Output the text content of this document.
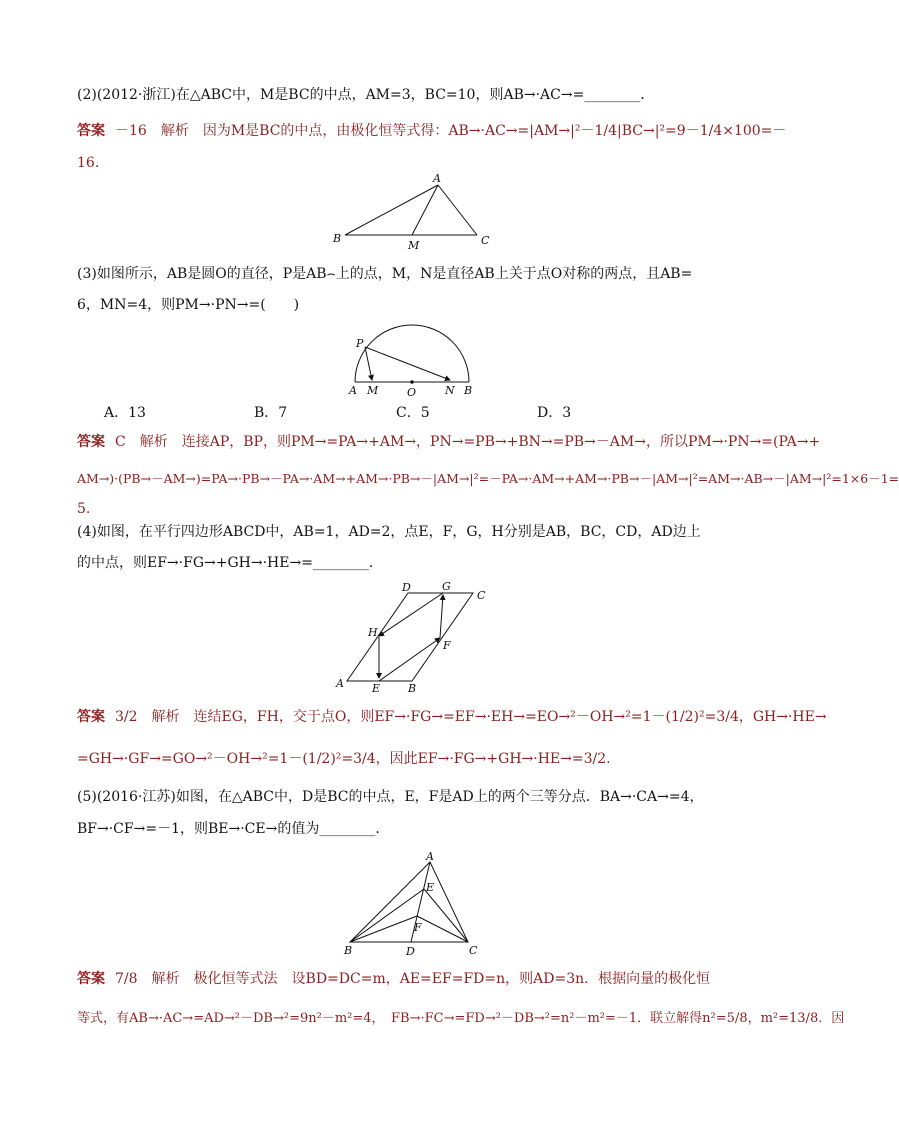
(2)(2012·浙江)在△ABC中，M是BC的中点，AM=3，BC=10，则AB→·AC→=________．
答案 －16　解析　因为M是BC的中点，由极化恒等式得：AB→·AC→=|AM→|²－1/4|BC→|²=9－1/4×100=－
16.
A
B
M	C
(3)如图所示，AB是圆O的直径，P是AB⌢上的点，M，N是直径AB上关于点O对称的两点，且AB=
6，MN=4，则PM→·PN→=(　　)
P
A M	O	N B
A．13	B．7	C．5	D．3
答案 C　解析　连接AP，BP，则PM→=PA→+AM→，PN→=PB→+BN→=PB→－AM→，所以PM→·PN→=(PA→+
AM→)·(PB→－AM→)=PA→·PB→－PA→·AM→+AM→·PB→－|AM→|²=－PA→·AM→+AM→·PB→－|AM→|²=AM→·AB→－|AM→|²=1×6－1=
5.
(4)如图，在平行四边形ABCD中，AB=1，AD=2，点E，F，G，H分别是AB，BC，CD，AD边上
的中点，则EF→·FG→+GH→·HE→=________．
D	G
C
H
F
A	E	B
答案 3/2　解析　连结EG，FH，交于点O，则EF→·FG→=EF→·EH→=EO→²－OH→²=1－(1/2)²=3/4，GH→·HE→
=GH→·GF→=GO→²－OH→²=1－(1/2)²=3/4，因此EF→·FG→+GH→·HE→=3/2.
(5)(2016·江苏)如图，在△ABC中，D是BC的中点，E，F是AD上的两个三等分点．BA→·CA→=4，
BF→·CF→=－1，则BE→·CE→的值为________．
A
E
F
B	D	C
答案 7/8　解析　极化恒等式法　设BD=DC=m，AE=EF=FD=n，则AD=3n．根据向量的极化恒
等式，有AB→·AC→=AD→²－DB→²=9n²－m²=4，　FB→·FC→=FD→²－DB→²=n²－m²=－1．联立解得n²=5/8，m²=13/8．因
